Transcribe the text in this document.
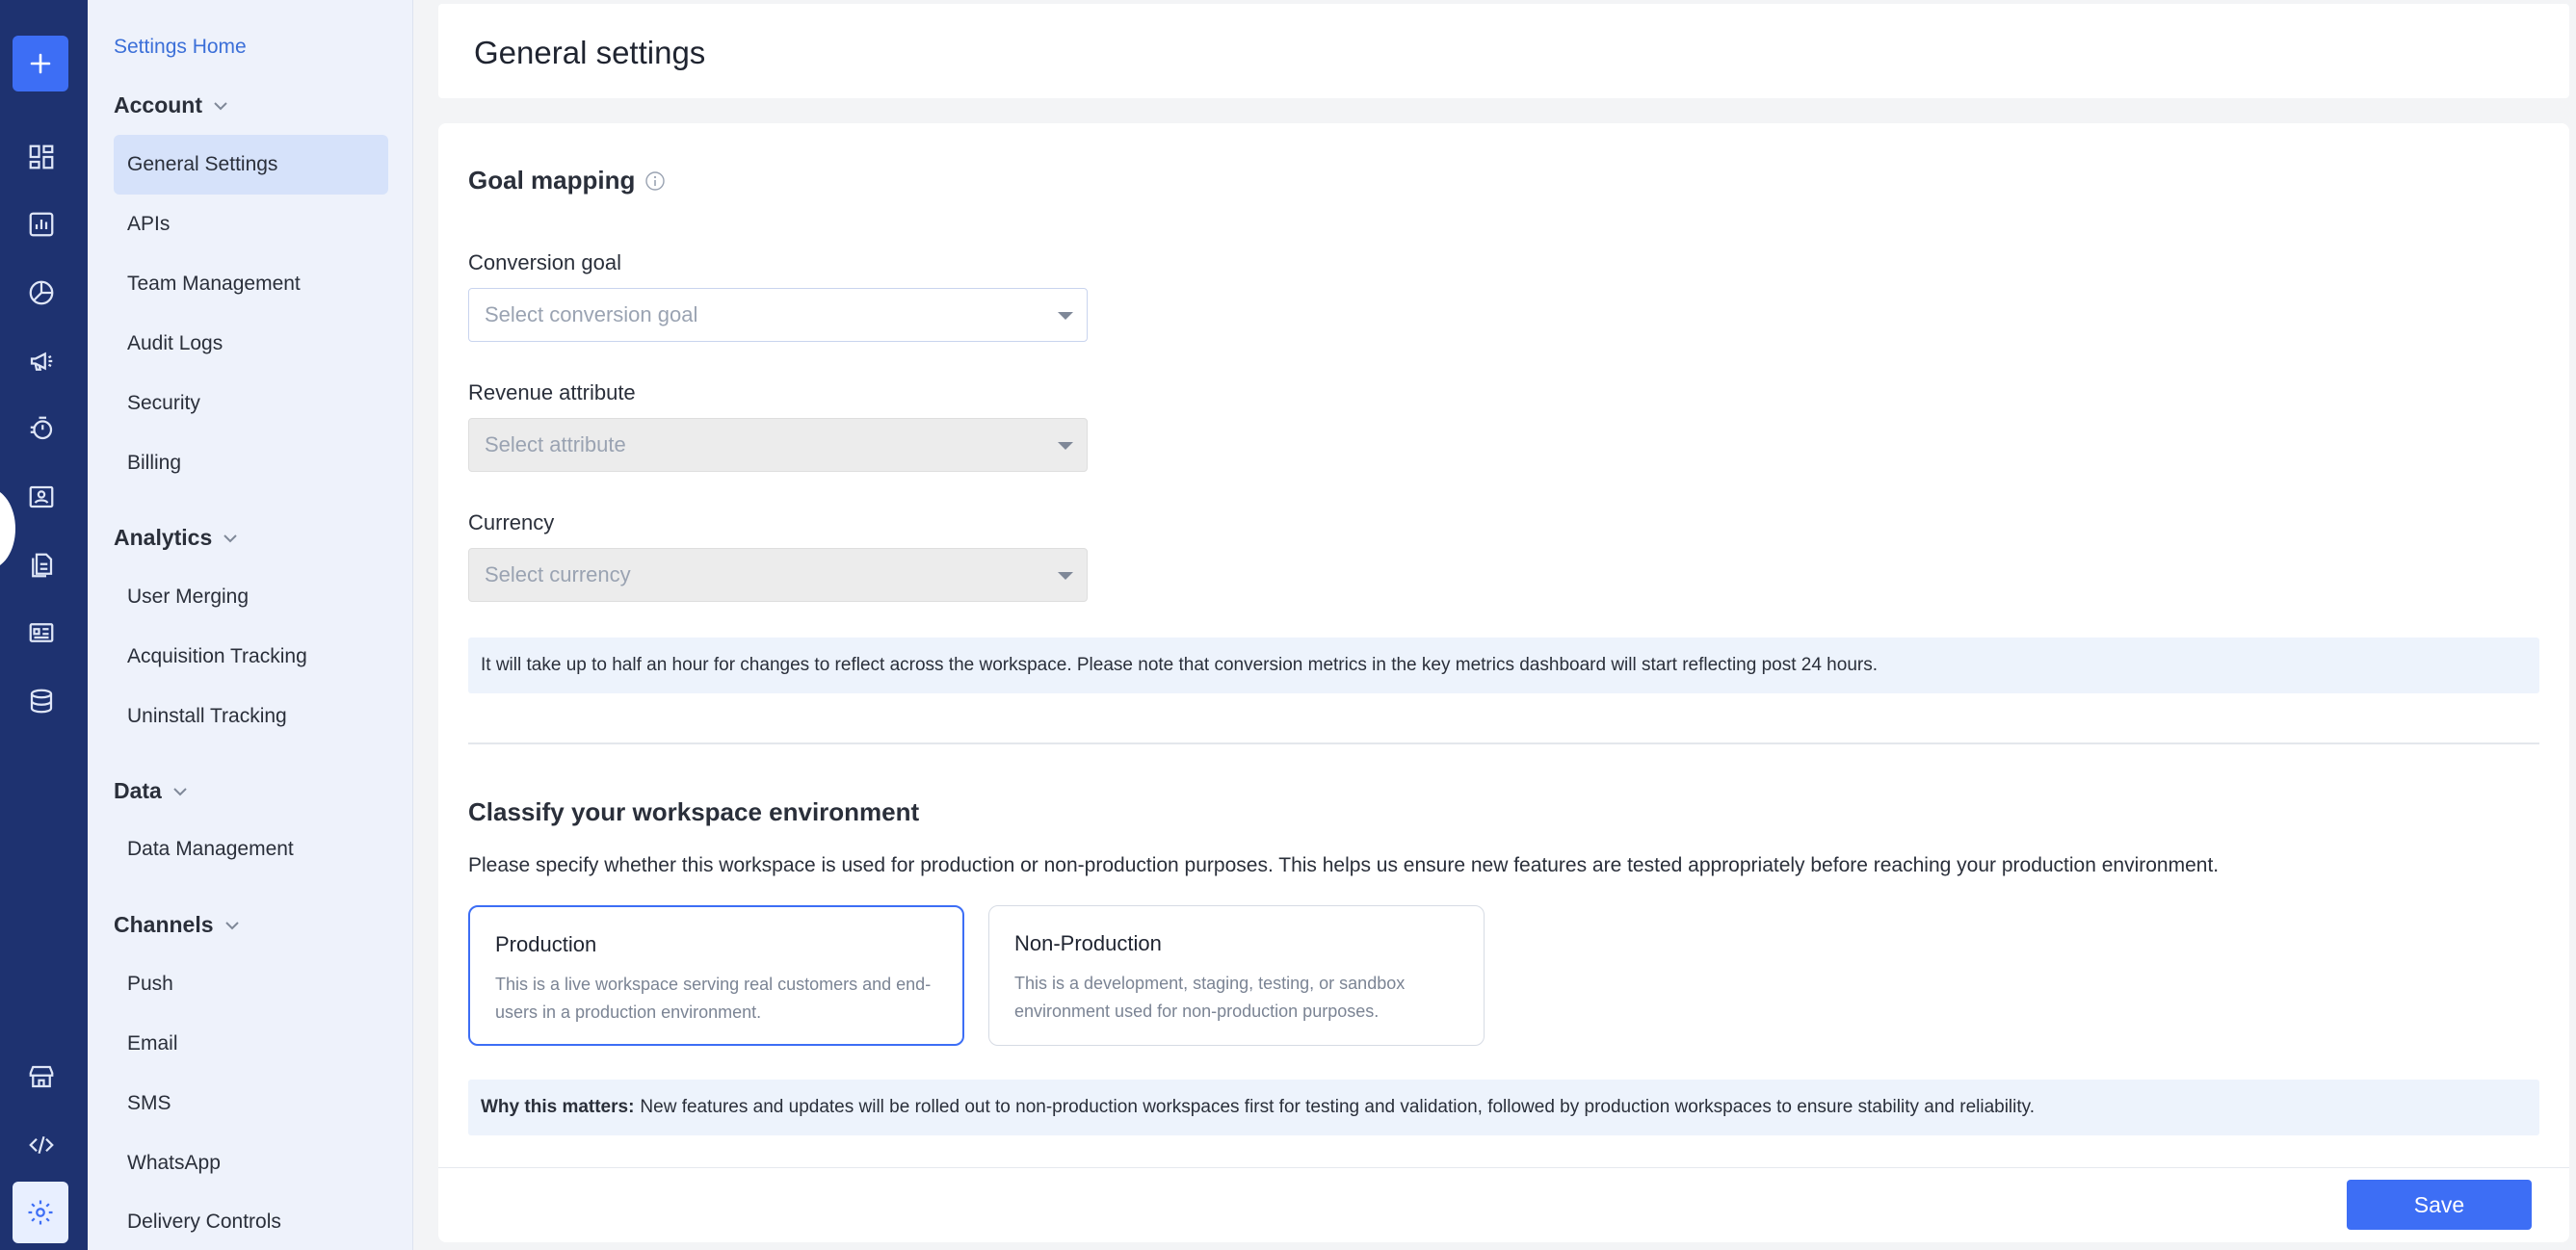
Settings Home
Account
General Settings
APIs
Team Management
Audit Logs
Security
Billing
Analytics
User Merging
Acquisition Tracking
Uninstall Tracking
Data
Data Management
Channels
Push
Email
SMS
WhatsApp
Delivery Controls
General settings
Goal mapping
Conversion goal
Select conversion goal
Revenue attribute
Select attribute
Currency
Select currency
It will take up to half an hour for changes to reflect across the workspace. Please note that conversion metrics in the key metrics dashboard will start reflecting post 24 hours.
Classify your workspace environment
Please specify whether this workspace is used for production or non-production purposes. This helps us ensure new features are tested appropriately before reaching your production environment.
Production
This is a live workspace serving real customers and end-users in a production environment.
Non-Production
This is a development, staging, testing, or sandbox environment used for non-production purposes.
Why this matters: New features and updates will be rolled out to non-production workspaces first for testing and validation, followed by production workspaces to ensure stability and reliability.
Save
